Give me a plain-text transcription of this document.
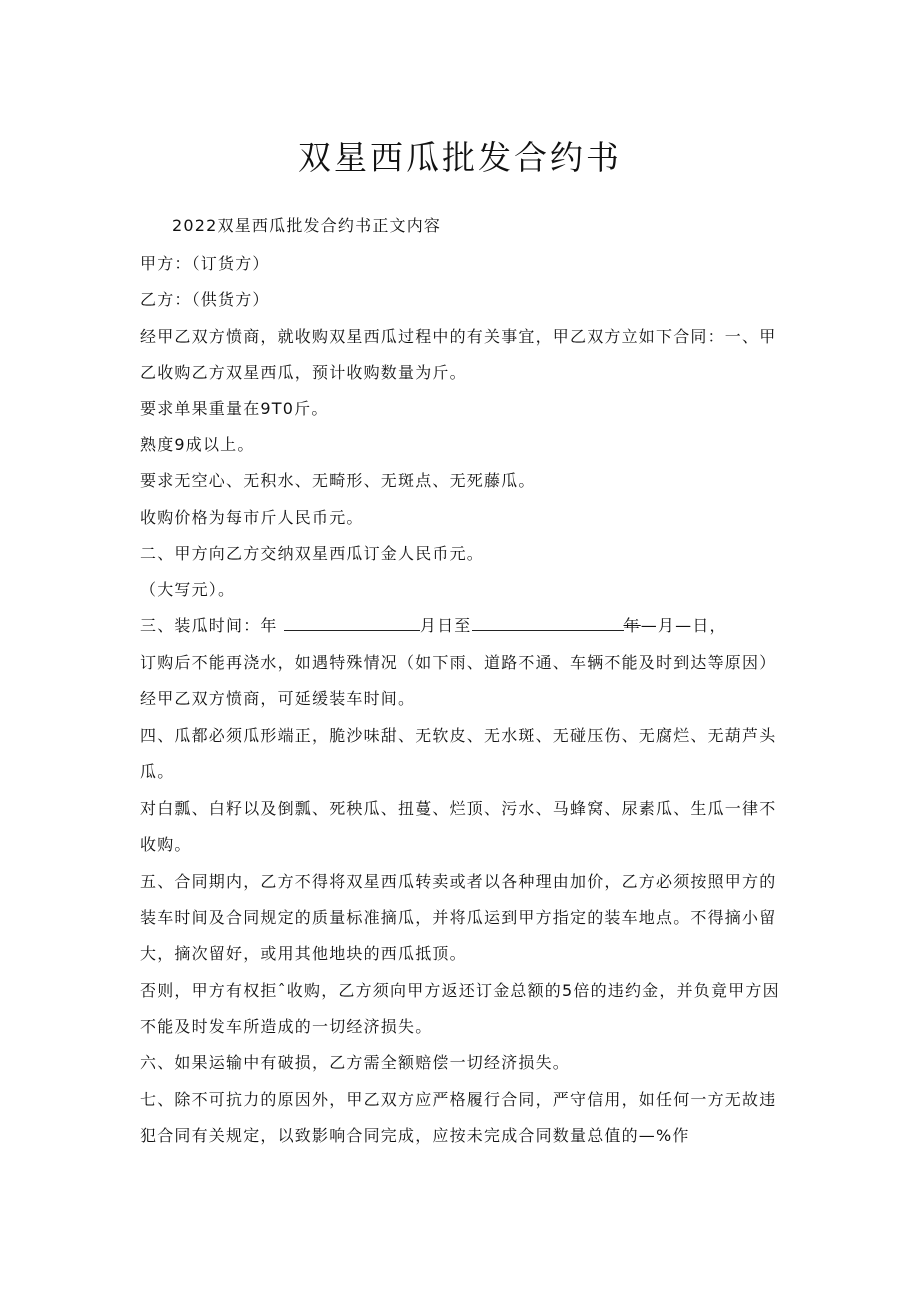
双星西瓜批发合约书
2022双星西瓜批发合约书正文内容
甲方：（订货方）
乙方：（供货方）
经甲乙双方愤商，就收购双星西瓜过程中的有关事宜，甲乙双方立如下合同：一、甲
乙收购乙方双星西瓜，预计收购数量为斤。
要求单果重量在9T0斤。
熟度9成以上。
要求无空心、无积水、无畸形、无斑点、无死藤瓜。
收购价格为每市斤人民币元。
二、甲方向乙方交纳双星西瓜订金人民币元。
（大写元）。
三、装瓜时间：年	月日至	年—月—日，
订购后不能再浇水，如遇特殊情况（如下雨、道路不通、车辆不能及时到达等原因）
经甲乙双方愤商，可延缓装车时间。
四、瓜都必须瓜形端正，脆沙味甜、无软皮、无水斑、无碰压伤、无腐烂、无葫芦头
瓜。
对白瓢、白籽以及倒瓢、死秧瓜、扭蔓、烂顶、污水、马蜂窝、尿素瓜、生瓜一律不
收购。
五、合同期内，乙方不得将双星西瓜转卖或者以各种理由加价，乙方必须按照甲方的
装车时间及合同规定的质量标准摘瓜，并将瓜运到甲方指定的装车地点。不得摘小留
大，摘次留好，或用其他地块的西瓜抵顶。
否则，甲方有权拒ˆ收购，乙方须向甲方返还订金总额的5倍的违约金，并负竟甲方因
不能及时发车所造成的一切经济损失。
六、如果运输中有破损，乙方需全额赔偿一切经济损失。
七、除不可抗力的原因外，甲乙双方应严格履行合同，严守信用，如任何一方无故违
犯合同有关规定，以致影响合同完成，应按未完成合同数量总值的—%作
